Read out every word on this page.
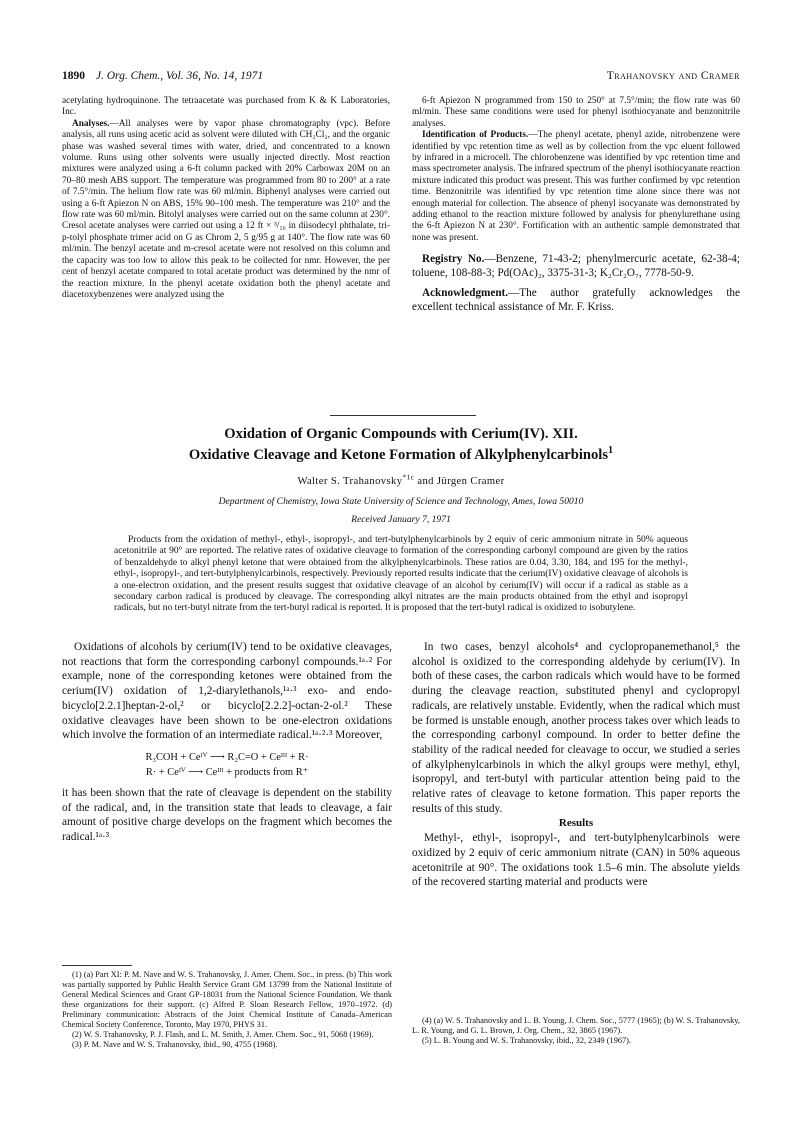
1890 J. Org. Chem., Vol. 36, No. 14, 1971	Trahanovsky and Cramer

acetylating hydroquinone. The tetraacetate was purchased from K & K Laboratories, Inc.

Analyses.—All analyses were by vapor phase chromatography (vpc). Before analysis, all runs using acetic acid as solvent were diluted with CH₂Cl₂, and the organic phase was washed several times with water, dried, and concentrated to a known volume. Runs using other solvents were usually injected directly. Most reaction mixtures were analyzed using a 6-ft column packed with 20% Carbowax 20M on an 70–80 mesh ABS support. The temperature was programmed from 80 to 200° at a rate of 7.5°/min. The helium flow rate was 60 ml/min. Biphenyl analyses were carried out using a 6-ft Apiezon N on ABS, 15% 90–100 mesh. The temperature was 210° and the flow rate was 60 ml/min. Bitolyl analyses were carried out on the same column at 230°. Cresol acetate analyses were carried out using a 12 ft × ³/₁₆ in diisodecyl phthalate, tri-p-tolyl phosphate trimer acid on G as Chrom 2, 5 g/95 g at 140°. The flow rate was 60 ml/min. The benzyl acetate and m-cresol acetate were not resolved on this column and the capacity was too low to allow this peak to be collected for nmr. However, the per cent of benzyl acetate compared to total acetate product was determined by the nmr of the reaction mixture. In the phenyl acetate oxidation both the phenyl acetate and diacetoxybenzenes were analyzed using the

6-ft Apiezon N programmed from 150 to 250° at 7.5°/min; the flow rate was 60 ml/min. These same conditions were used for phenyl isothiocyanate and benzonitrile analyses.

Identification of Products.—The phenyl acetate, phenyl azide, nitrobenzene were identified by vpc retention time as well as by collection from the vpc eluent followed by infrared in a microcell. The chlorobenzene was identified by vpc retention time and mass spectrometer analysis. The infrared spectrum of the phenyl isothiocyanate reaction mixture indicated this product was present. This was further confirmed by vpc retention time. Benzonitrile was identified by vpc retention time alone since there was not enough material for collection. The absence of phenyl isocyanate was demonstrated by adding ethanol to the reaction mixture followed by analysis for phenylurethane using the 6-ft Apiezon N at 230°. Fortification with an authentic sample demonstrated that none was present.

Registry No.—Benzene, 71-43-2; phenylmercuric acetate, 62-38-4; toluene, 108-88-3; Pd(OAc)₂, 3375-31-3; K₂Cr₂O₇, 7778-50-9.

Acknowledgment.—The author gratefully acknowledges the excellent technical assistance of Mr. F. Kriss.

Oxidation of Organic Compounds with Cerium(IV). XII.
Oxidative Cleavage and Ketone Formation of Alkylphenylcarbinols$^1$
Walter S. Trahanovsky$^{*1c}$ and Jürgen Cramer
Department of Chemistry, Iowa State University of Science and Technology, Ames, Iowa 50010
Received January 7, 1971

Products from the oxidation of methyl-, ethyl-, isopropyl-, and tert-butylphenylcarbinols by 2 equiv of ceric ammonium nitrate in 50% aqueous acetonitrile at 90° are reported. The relative rates of oxidative cleavage to formation of the corresponding carbonyl compound are given by the ratios of benzaldehyde to alkyl phenyl ketone that were obtained from the alkylphenylcarbinols. These ratios are 0.04, 3.30, 184, and 195 for the methyl-, ethyl-, isopropyl-, and tert-butylphenylcarbinols, respectively. Previously reported results indicate that the cerium(IV) oxidative cleavage of alcohols is a one-electron oxidation, and the present results suggest that oxidative cleavage of an alcohol by cerium(IV) will occur if a radical as stable as a secondary carbon radical is produced by cleavage. The corresponding alkyl nitrates are the main products obtained from the ethyl and isopropyl radicals, but no tert-butyl nitrate from the tert-butyl radical is reported. It is proposed that the tert-butyl radical is oxidized to isobutylene.

Oxidations of alcohols by cerium(IV) tend to be oxidative cleavages, not reactions that form the corresponding carbonyl compounds.¹ᵃ·² For example, none of the corresponding ketones were obtained from the cerium(IV) oxidation of 1,2-diarylethanols,¹ᵃ·³ exo- and endo-bicyclo[2.2.1]heptan-2-ol,² or bicyclo[2.2.2]-octan-2-ol.² These oxidative cleavages have been shown to be one-electron oxidations which involve the formation of an intermediate radical.¹ᵃ·²·³ Moreover,

R₃COH + Ceᴵⱽ ⟶ R₂C=O + Ceᴵᴵᴵ + R·
R· + Ceᴵⱽ ⟶ Ceᴵᴵᴵ + products from R⁺

it has been shown that the rate of cleavage is dependent on the stability of the radical, and, in the transition state that leads to cleavage, a fair amount of positive charge develops on the fragment which becomes the radical.¹ᵃ·³

In two cases, benzyl alcohols⁴ and cyclopropanemethanol,⁵ the alcohol is oxidized to the corresponding aldehyde by cerium(IV). In both of these cases, the carbon radicals which would have to be formed during the cleavage reaction, substituted phenyl and cyclopropyl radicals, are relatively unstable. Evidently, when the radical which must be formed is unstable enough, another process takes over which leads to the corresponding carbonyl compound. In order to better define the stability of the radical needed for cleavage to occur, we studied a series of alkylphenylcarbinols in which the alkyl groups were methyl, ethyl, isopropyl, and tert-butyl with particular attention being paid to the relative rates of cleavage to ketone formation. This paper reports the results of this study.

Results

Methyl-, ethyl-, isopropyl-, and tert-butylphenylcarbinols were oxidized by 2 equiv of ceric ammonium nitrate (CAN) in 50% aqueous acetonitrile at 90°. The oxidations took 1.5–6 min. The absolute yields of the recovered starting material and products were

(1) (a) Part XI: P. M. Nave and W. S. Trahanovsky, J. Amer. Chem. Soc., in press. (b) This work was partially supported by Public Health Service Grant GM 13799 from the National Institute of General Medical Sciences and Grant GP-18031 from the National Science Foundation. We thank these organizations for their support. (c) Alfred P. Sloan Research Fellow, 1970–1972. (d) Preliminary communication: Abstracts of the Joint Chemical Institute of Canada–American Chemical Society Conference, Toronto, May 1970, PHYS 31.

(2) W. S. Trahanovsky, P. J. Flash, and L. M. Smith, J. Amer. Chem. Soc., 91, 5068 (1969).

(3) P. M. Nave and W. S. Trahanovsky, ibid., 90, 4755 (1968).

(4) (a) W. S. Trahanovsky and L. B. Young, J. Chem. Soc., 5777 (1965); (b) W. S. Trahanovsky, L. R. Young, and G. L. Brown, J. Org. Chem., 32, 3865 (1967).

(5) L. B. Young and W. S. Trahanovsky, ibid., 32, 2349 (1967).
